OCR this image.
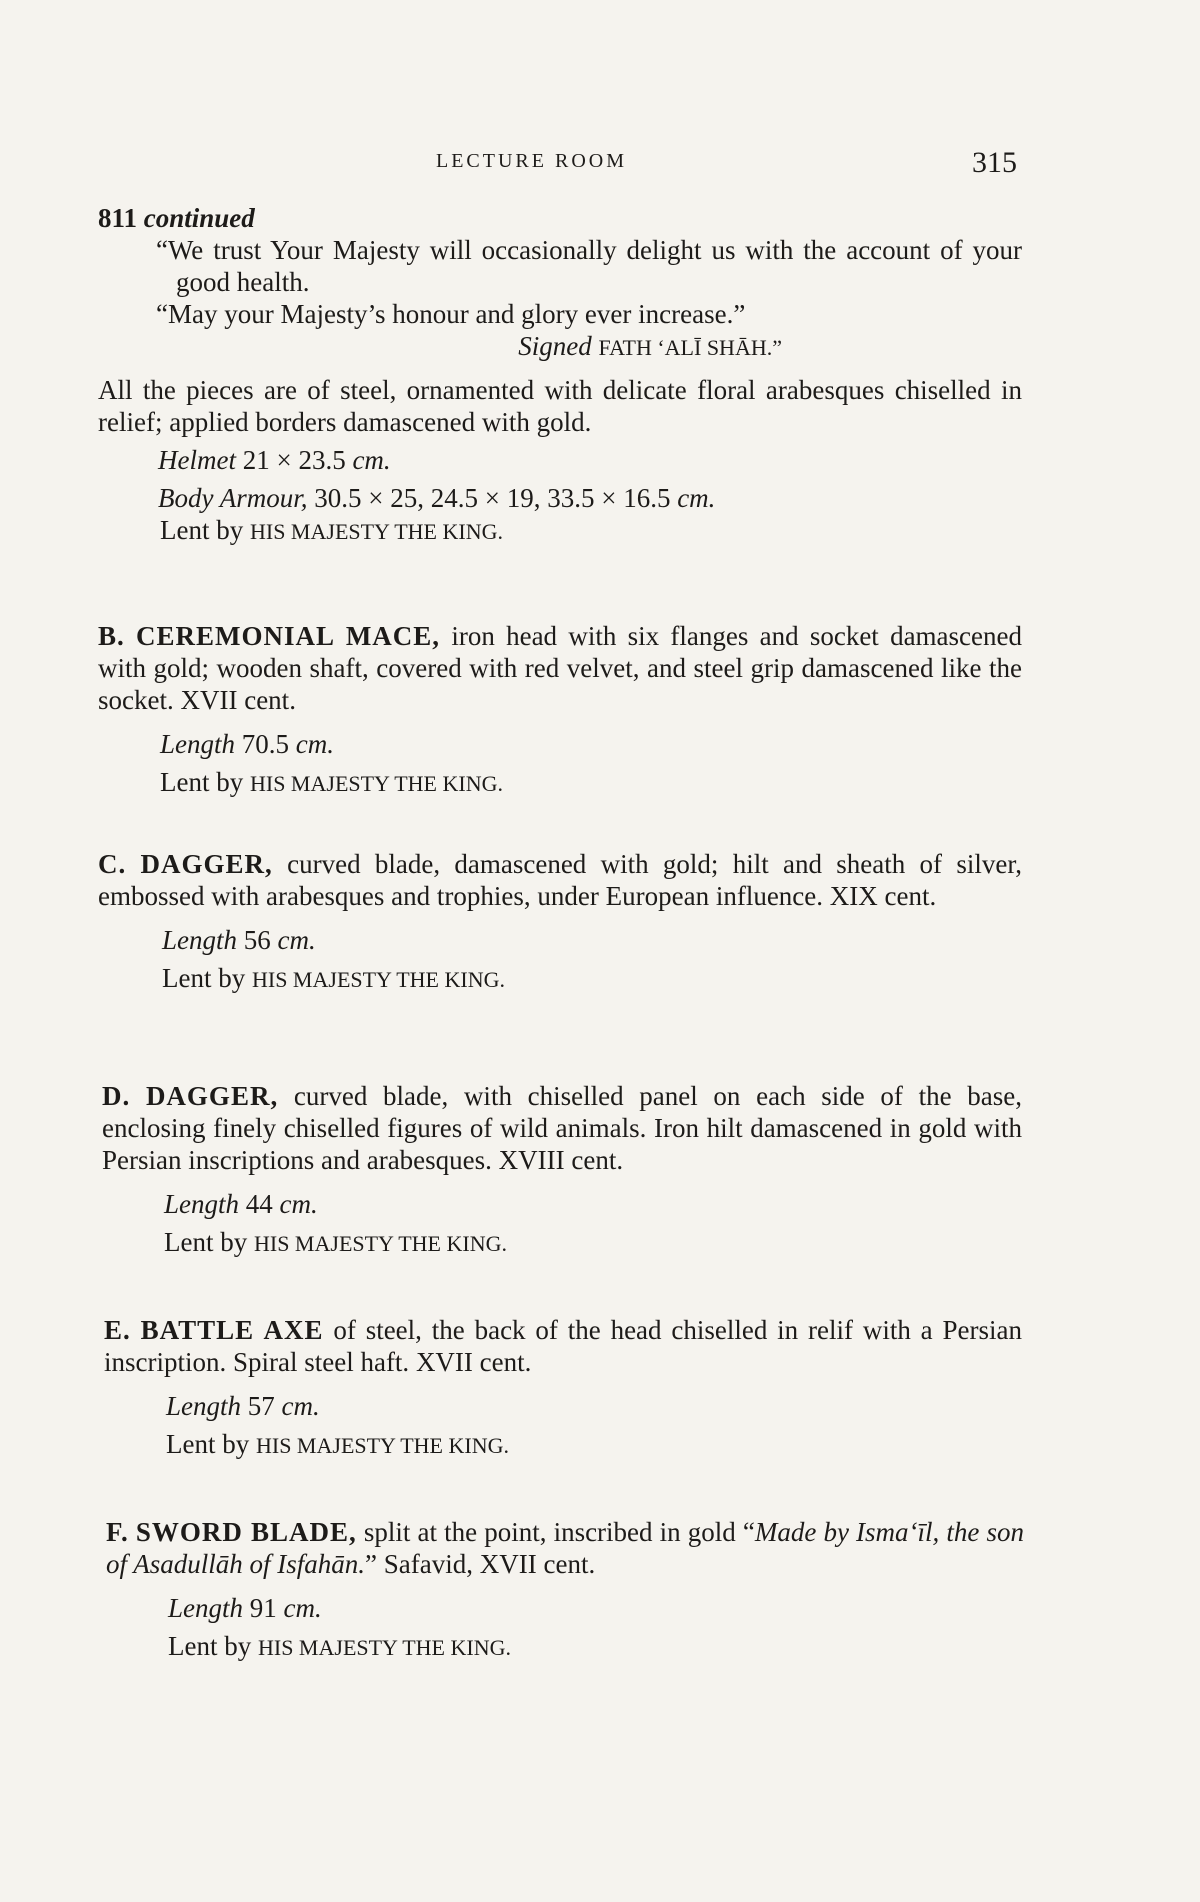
LECTURE ROOM	315
811 continued
“We trust Your Majesty will occasionally delight us with the account of your good health.
“May your Majesty’s honour and glory ever increase.”
Signed FATH ‘ALĪ SHĀH.”
All the pieces are of steel, ornamented with delicate floral arabesques chiselled in relief; applied borders damascened with gold.
Helmet 21 × 23.5 cm.
Body Armour, 30.5 × 25, 24.5 × 19, 33.5 × 16.5 cm.
Lent by HIS MAJESTY THE KING.
B. CEREMONIAL MACE, iron head with six flanges and socket damascened with gold; wooden shaft, covered with red velvet, and steel grip damascened like the socket. XVII cent.
Length 70.5 cm.
Lent by HIS MAJESTY THE KING.
C. DAGGER, curved blade, damascened with gold; hilt and sheath of silver, embossed with arabesques and trophies, under European influence. XIX cent.
Length 56 cm.
Lent by HIS MAJESTY THE KING.
D. DAGGER, curved blade, with chiselled panel on each side of the base, enclosing finely chiselled figures of wild animals. Iron hilt damascened in gold with Persian inscriptions and arabesques. XVIII cent.
Length 44 cm.
Lent by HIS MAJESTY THE KING.
E. BATTLE AXE of steel, the back of the head chiselled in relif with a Persian inscription. Spiral steel haft. XVII cent.
Length 57 cm.
Lent by HIS MAJESTY THE KING.
F. SWORD BLADE, split at the point, inscribed in gold “Made by Isma‘īl, the son of Asadullāh of Isfahān.” Safavid, XVII cent.
Length 91 cm.
Lent by HIS MAJESTY THE KING.
